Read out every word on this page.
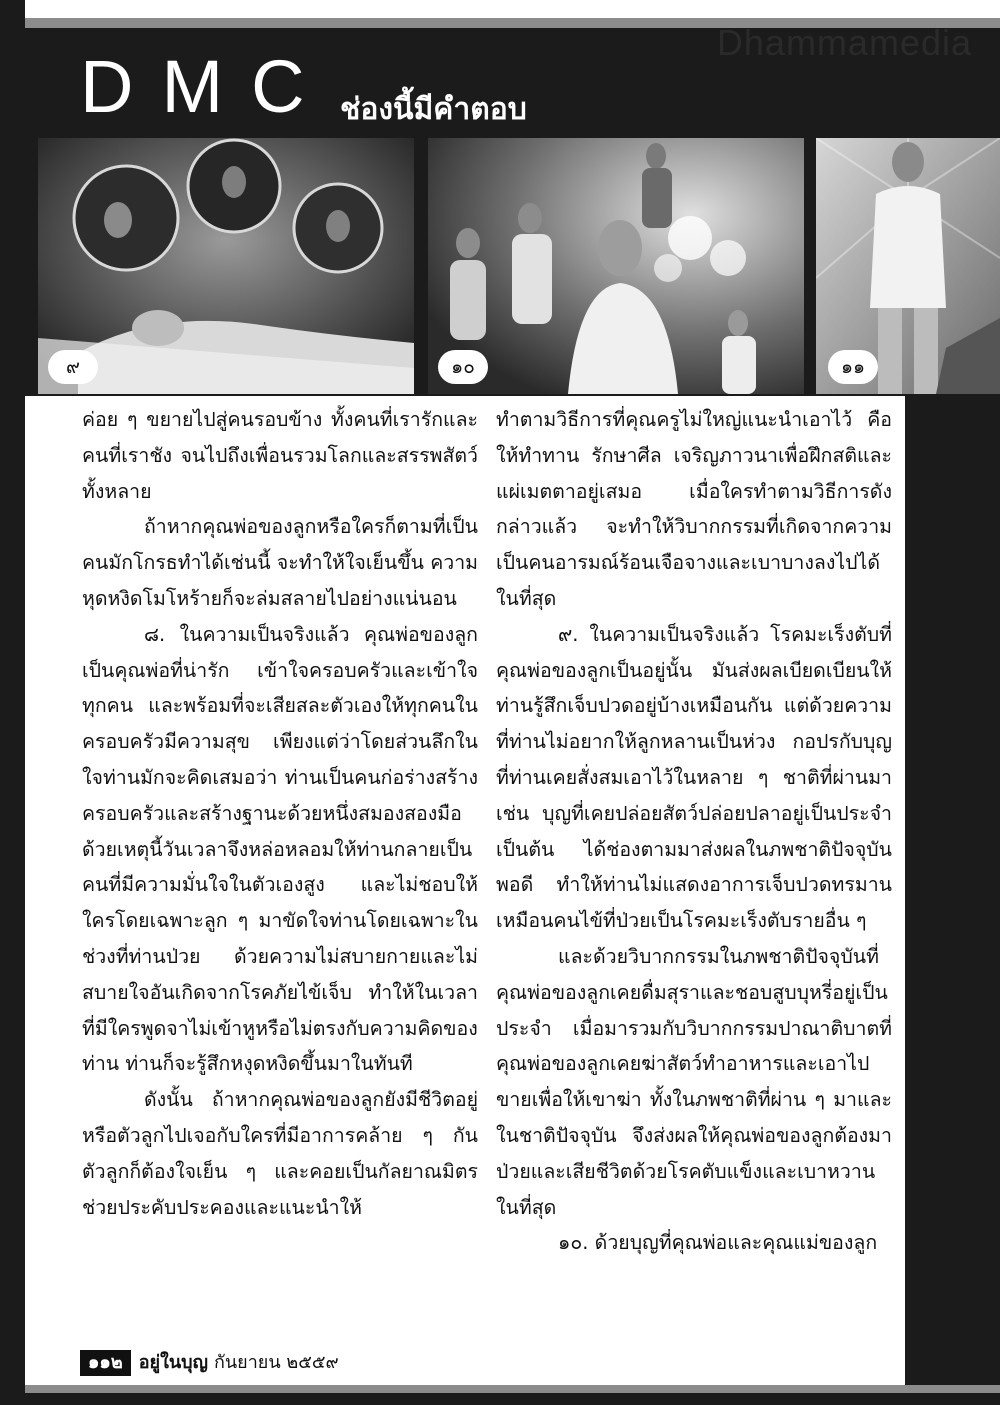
Dhammamedia
DMC ช่องนี้มีคำตอบ
๙	๑๐	๑๑

ค่อย ๆ ขยายไปสู่คนรอบข้าง ทั้งคนที่เรารักและคนที่เราชัง จนไปถึงเพื่อนรวมโลกและสรรพสัตว์ทั้งหลาย

ถ้าหากคุณพ่อของลูกหรือใครก็ตามที่เป็นคนมักโกรธทำได้เช่นนี้ จะทำให้ใจเย็นขึ้น ความหุดหงิดโมโหร้ายก็จะล่มสลายไปอย่างแน่นอน

๘. ในความเป็นจริงแล้ว คุณพ่อของลูกเป็นคุณพ่อที่น่ารัก เข้าใจครอบครัวและเข้าใจทุกคน และพร้อมที่จะเสียสละตัวเองให้ทุกคนในครอบครัวมีความสุข เพียงแต่ว่าโดยส่วนลึกในใจท่านมักจะคิดเสมอว่า ท่านเป็นคนก่อร่างสร้างครอบครัวและสร้างฐานะด้วยหนึ่งสมองสองมือ ด้วยเหตุนี้วันเวลาจึงหล่อหลอมให้ท่านกลายเป็นคนที่มีความมั่นใจในตัวเองสูง และไม่ชอบให้ใครโดยเฉพาะลูก ๆ มาขัดใจท่านโดยเฉพาะในช่วงที่ท่านป่วย ด้วยความไม่สบายกายและไม่สบายใจอันเกิดจากโรคภัยไข้เจ็บ ทำให้ในเวลาที่มีใครพูดจาไม่เข้าหูหรือไม่ตรงกับความคิดของท่าน ท่านก็จะรู้สึกหงุดหงิดขึ้นมาในทันที

ดังนั้น ถ้าหากคุณพ่อของลูกยังมีชีวิตอยู่ หรือตัวลูกไปเจอกับใครที่มีอาการคล้าย ๆ กัน ตัวลูกก็ต้องใจเย็น ๆ และคอยเป็นกัลยาณมิตรช่วยประคับประคองและแนะนำให้

ทำตามวิธีการที่คุณครูไม่ใหญ่แนะนำเอาไว้ คือ ให้ทำทาน รักษาศีล เจริญภาวนาเพื่อฝึกสติและแผ่เมตตาอยู่เสมอ เมื่อใครทำตามวิธีการดังกล่าวแล้ว จะทำให้วิบากกรรมที่เกิดจากความเป็นคนอารมณ์ร้อนเจือจางและเบาบางลงไปได้ในที่สุด

๙. ในความเป็นจริงแล้ว โรคมะเร็งตับที่คุณพ่อของลูกเป็นอยู่นั้น มันส่งผลเบียดเบียนให้ท่านรู้สึกเจ็บปวดอยู่บ้างเหมือนกัน แต่ด้วยความที่ท่านไม่อยากให้ลูกหลานเป็นห่วง กอปรกับบุญที่ท่านเคยสั่งสมเอาไว้ในหลาย ๆ ชาติที่ผ่านมา เช่น บุญที่เคยปล่อยสัตว์ปล่อยปลาอยู่เป็นประจำ เป็นต้น ได้ช่องตามมาส่งผลในภพชาติปัจจุบันพอดี ทำให้ท่านไม่แสดงอาการเจ็บปวดทรมานเหมือนคนไข้ที่ป่วยเป็นโรคมะเร็งตับรายอื่น ๆ

และด้วยวิบากกรรมในภพชาติปัจจุบันที่คุณพ่อของลูกเคยดื่มสุราและชอบสูบบุหรี่อยู่เป็นประจำ เมื่อมารวมกับวิบากกรรมปาณาติบาตที่คุณพ่อของลูกเคยฆ่าสัตว์ทำอาหารและเอาไปขายเพื่อให้เขาฆ่า ทั้งในภพชาติที่ผ่าน ๆ มาและในชาติปัจจุบัน จึงส่งผลให้คุณพ่อของลูกต้องมาป่วยและเสียชีวิตด้วยโรคตับแข็งและเบาหวานในที่สุด

๑๐. ด้วยบุญที่คุณพ่อและคุณแม่ของลูก

๑๑๒ อยู่ในบุญ กันยายน ๒๕๕๙
